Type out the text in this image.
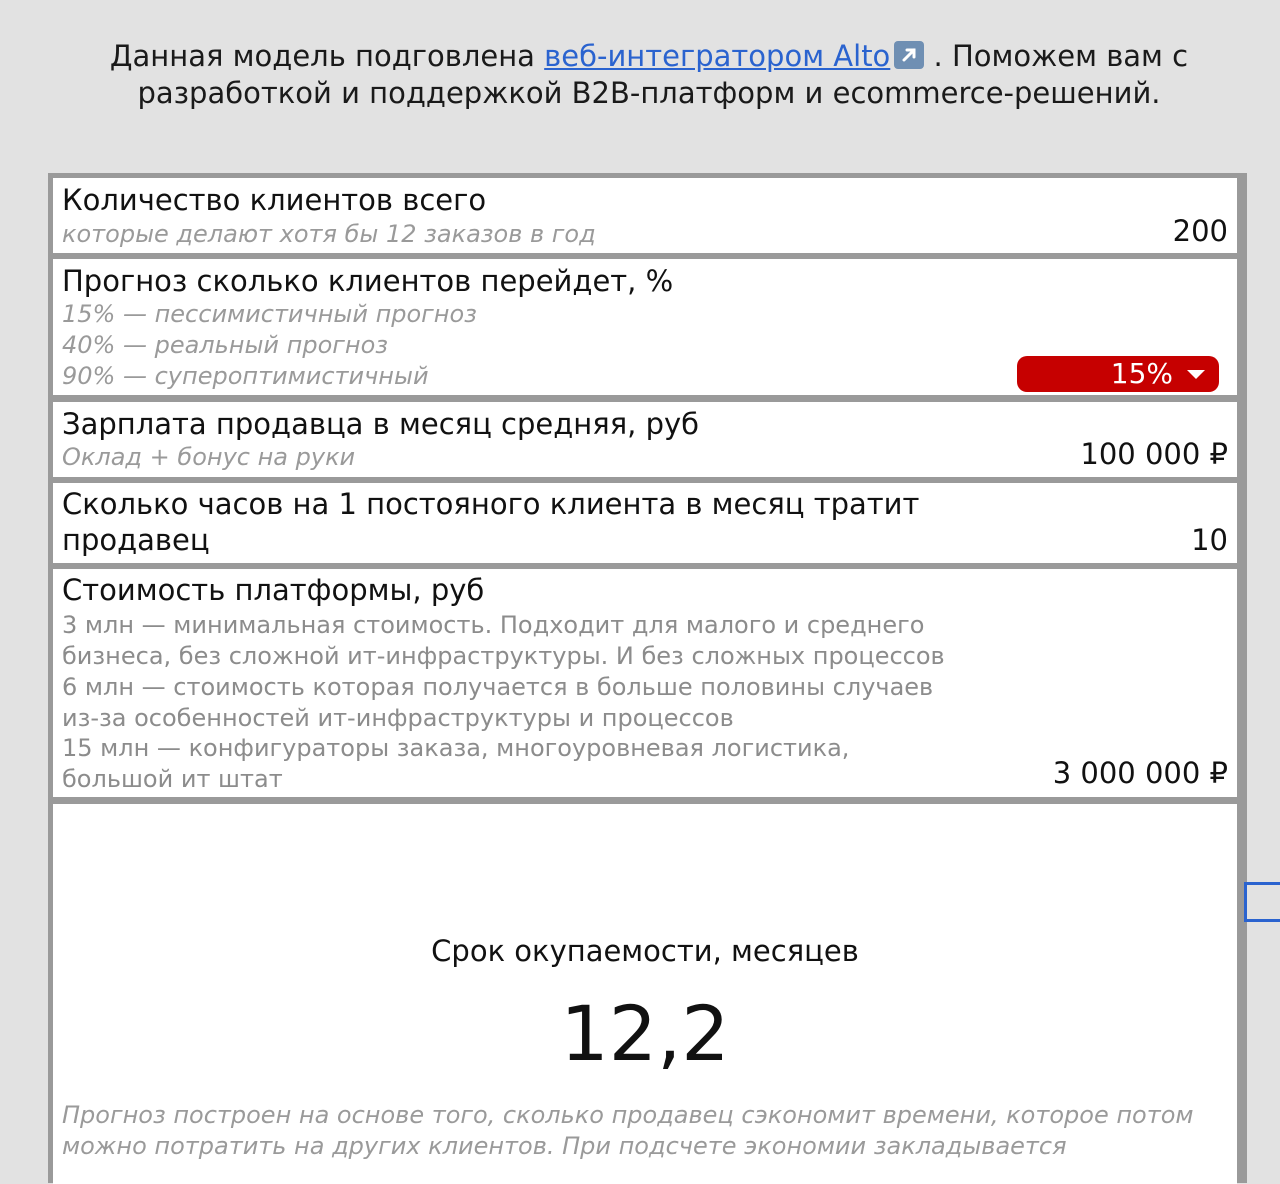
Данная модель подговлена веб-интегратором Alto
. Поможем вам с
разработкой и поддержкой B2B-платформ и ecommerce-решений.
Количество клиентов всего
которые делают хотя бы 12 заказов в год	200
Прогноз сколько клиентов перейдет, %
15% — пессимистичный прогноз
40% — реальный прогноз
90% — супероптимистичный	15%
Зарплата продавца в месяц средняя, руб
Оклад + бонус на руки	100 000 ₽
Сколько часов на 1 постояного клиента в месяц тратит
продавец	10
Стоимость платформы, руб
3 млн — минимальная стоимость. Подходит для малого и среднего
бизнеса, без сложной ит-инфраструктуры. И без сложных процессов
6 млн — стоимость которая получается в больше половины случаев
из-за особенностей ит-инфраструктуры и процессов
15 млн — конфигураторы заказа, многоуровневая логистика,
большой ит штат	3 000 000 ₽
Срок окупаемости, месяцев
12,2
Прогноз построен на основе того, сколько продавец сэкономит времени, которое потом можно потратить на других клиентов. При подсчете экономии закладывается
